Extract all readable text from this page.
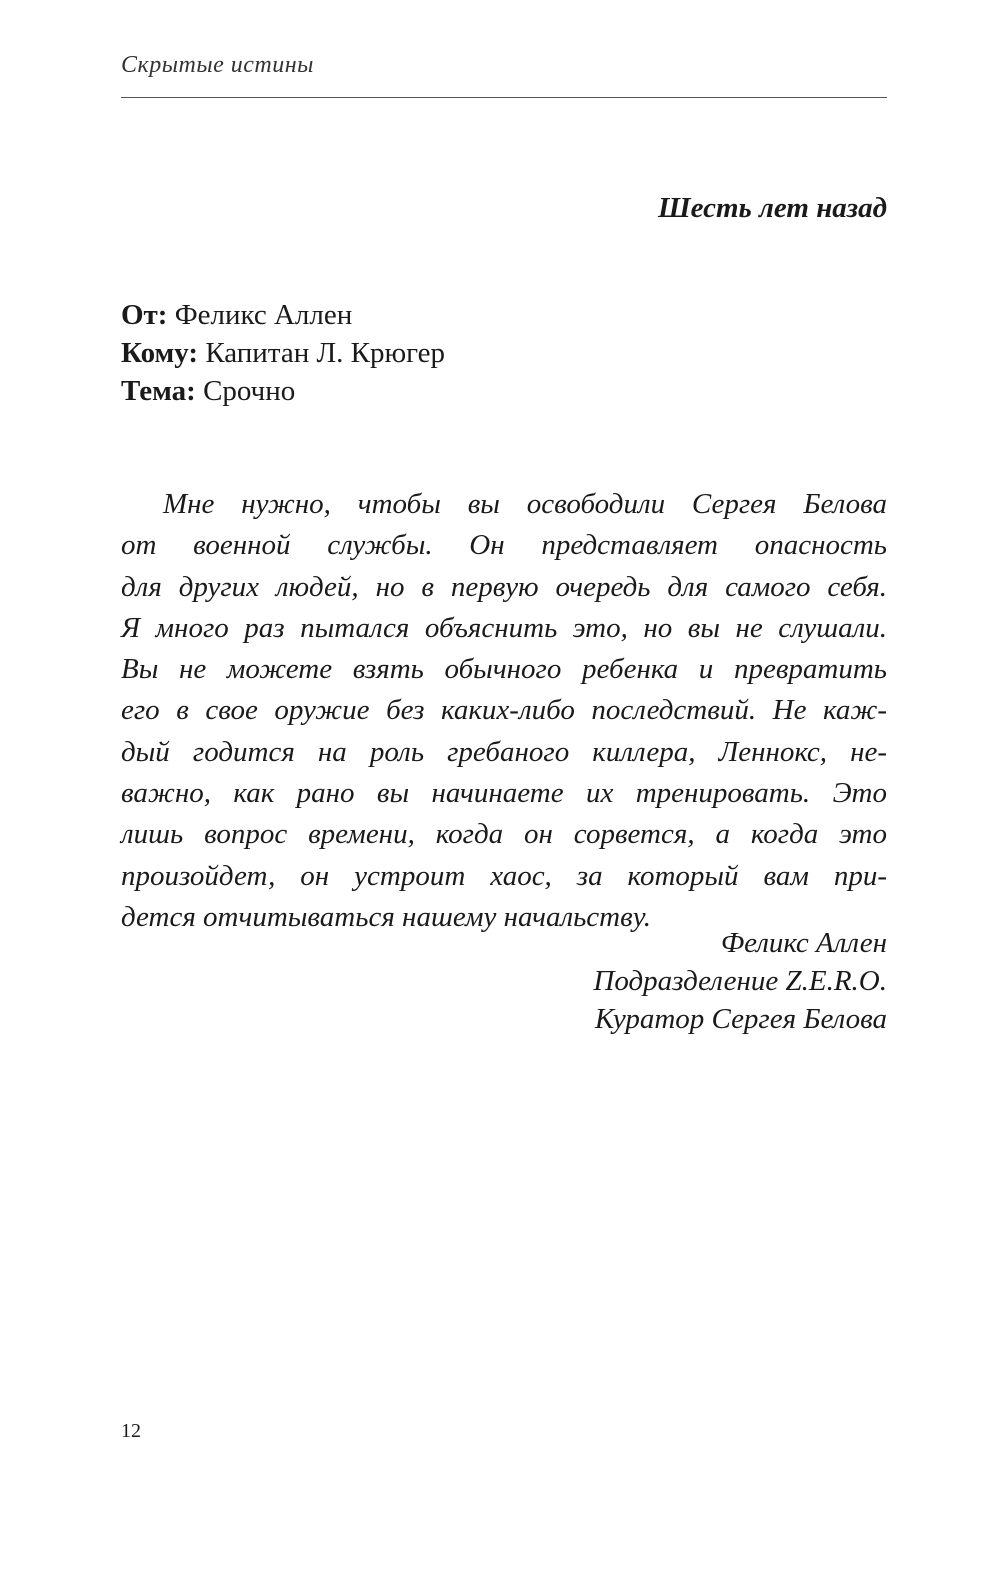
Скрытые истины
Шесть лет назад
От: Феликс Аллен
Кому: Капитан Л. Крюгер
Тема: Срочно
Мне нужно, чтобы вы освободили Сергея Белова
от военной службы. Он представляет опасность
для других людей, но в первую очередь для самого себя.
Я много раз пытался объяснить это, но вы не слушали.
Вы не можете взять обычного ребенка и превратить
его в свое оружие без каких-либо последствий. Не каж-
дый годится на роль гребаного киллера, Леннокс, не-
важно, как рано вы начинаете их тренировать. Это
лишь вопрос времени, когда он сорвется, а когда это
произойдет, он устроит хаос, за который вам при-
дется отчитываться нашему начальству.
Феликс Аллен
Подразделение Z.E.R.O.
Куратор Сергея Белова
12
